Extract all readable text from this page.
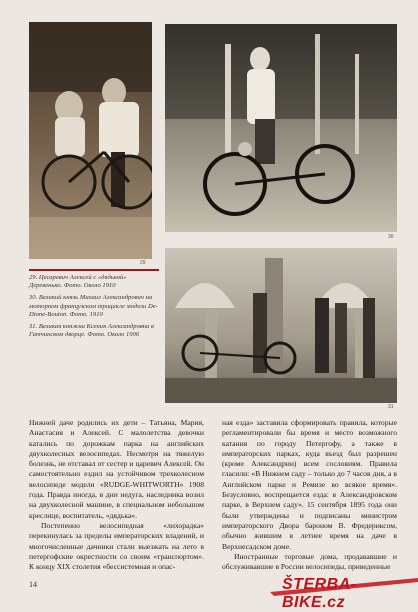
29
30
31
29. Цесаревич Алексей с «дядькой» Деревенько. Фото. Около 1910
30. Великий князь Михаил Александрович на моторном французском трицикле модели De-Dione-Bouton. Фото. 1910
31. Великая княжна Ксения Александровна в Гатчинском дворце. Фото. Около 1906

Нижней даче родились их дети – Татьяна, Мария, Анастасия и Алексей. С малолетства девочки катались по дорожкам парка на английских двухколесных велосипедах. Несмотря на тяжелую болезнь, не отставал от сестер и царевич Алексей. Он самостоятельно ездил на устойчивом трехколесном велосипеде модели «RUDGE-WHITWORTH» 1908 года. Правда иногда, в дни недуга, наследника возил на двухколесной машине, в специальном небольшом креслице, воспитатель, «дядька».

Постепенно велосипедная «лихорадка» перекинулась за пределы императорских владений, и многочисленные дачники стали выезжать на лето в петергофские окрестности со своим «транспортом». К концу XIX столетия «бессистемная и опас-

ная езда» заставила сформировать правила, которые регламентировали бы время и место возможного катания по городу Петергофу, а также в императорских парках, куда въезд был разрешен (кроме Александрии) всем сословиям. Правила гласили: «В Нижнем саду – только до 7 часов дня, а в Английском парке и Ремизе во всякое время». Безусловно, воспрещается езда: в Александровском парке, в Верхнем саду». 15 сентября 1895 года они были утверждены и подписаны министром императорского Двора бароном В. Фредериксом, обычно жившим в летнее время на даче в Верхнесадском доме.

Иностранные торговые дома, продававшие и обслуживавшие в России велосипеды, приведенные

14	ŠTERBA-BIKE.cz
